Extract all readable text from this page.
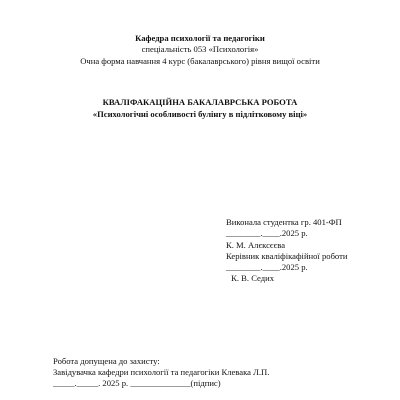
Кафедра психології та педагогіки
спеціальність 053 «Психологія»
Очна форма навчання 4 курс (бакалаврського) рівня вищої освіти
КВАЛІФАКАЦІЙНА БАКАЛАВРСЬКА РОБОТА
«Психологічні особливості булінгу в підлітковому віці»
Виконала студентка гр. 401-ФП
________.____.2025 р.
К. М. Алєксєєва
Керівник кваліфікафійної роботи
________.____.2025 р.
К. В. Седих
Робота допущена до захисту:
Завідувачка кафедри психології та педагогіки Клевака Л.П.
_____._____. 2025 р. ______________(підпис)
